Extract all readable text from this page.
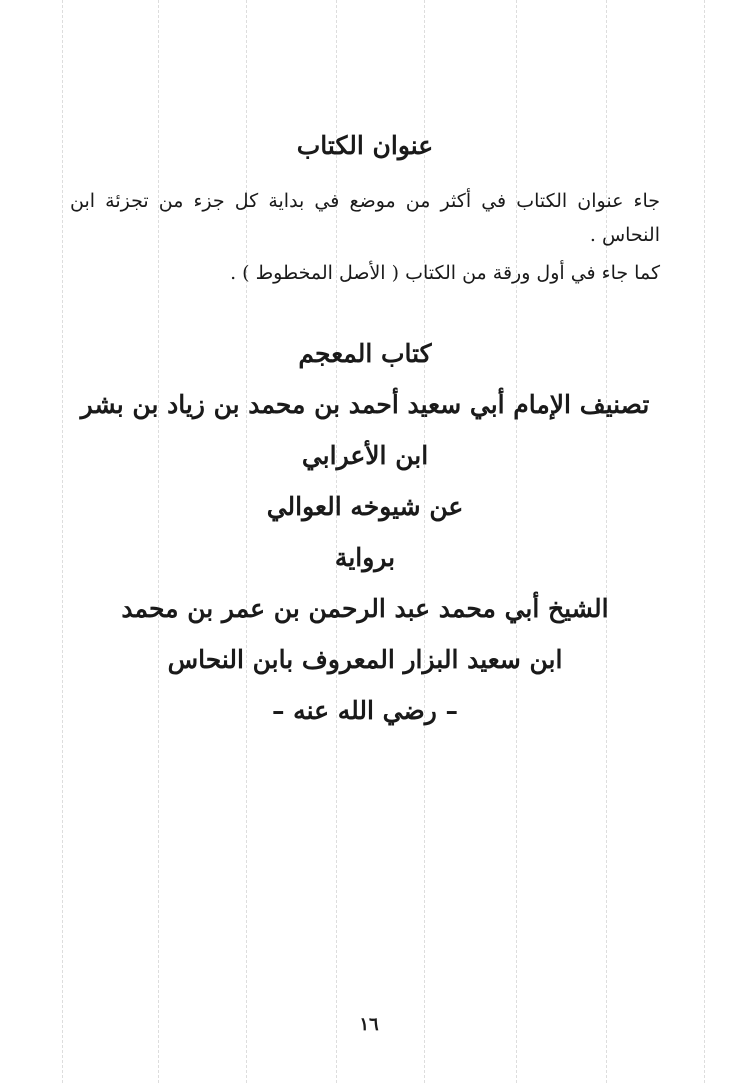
عنوان الكتاب

جاء عنوان الكتاب في أكثر من موضع في بداية كل جزء من تجزئة ابن النحاس .

كما جاء في أول ورقة من الكتاب ( الأصل المخطوط ) .

كتاب المعجم
تصنيف الإمام أبي سعيد أحمد بن محمد بن زياد بن بشر
ابن الأعرابي
عن شيوخه العوالي
برواية
الشيخ أبي محمد عبد الرحمن بن عمر بن محمد
ابن سعيد البزار المعروف بابن النحاس
– رضي الله عنه –
١٦
